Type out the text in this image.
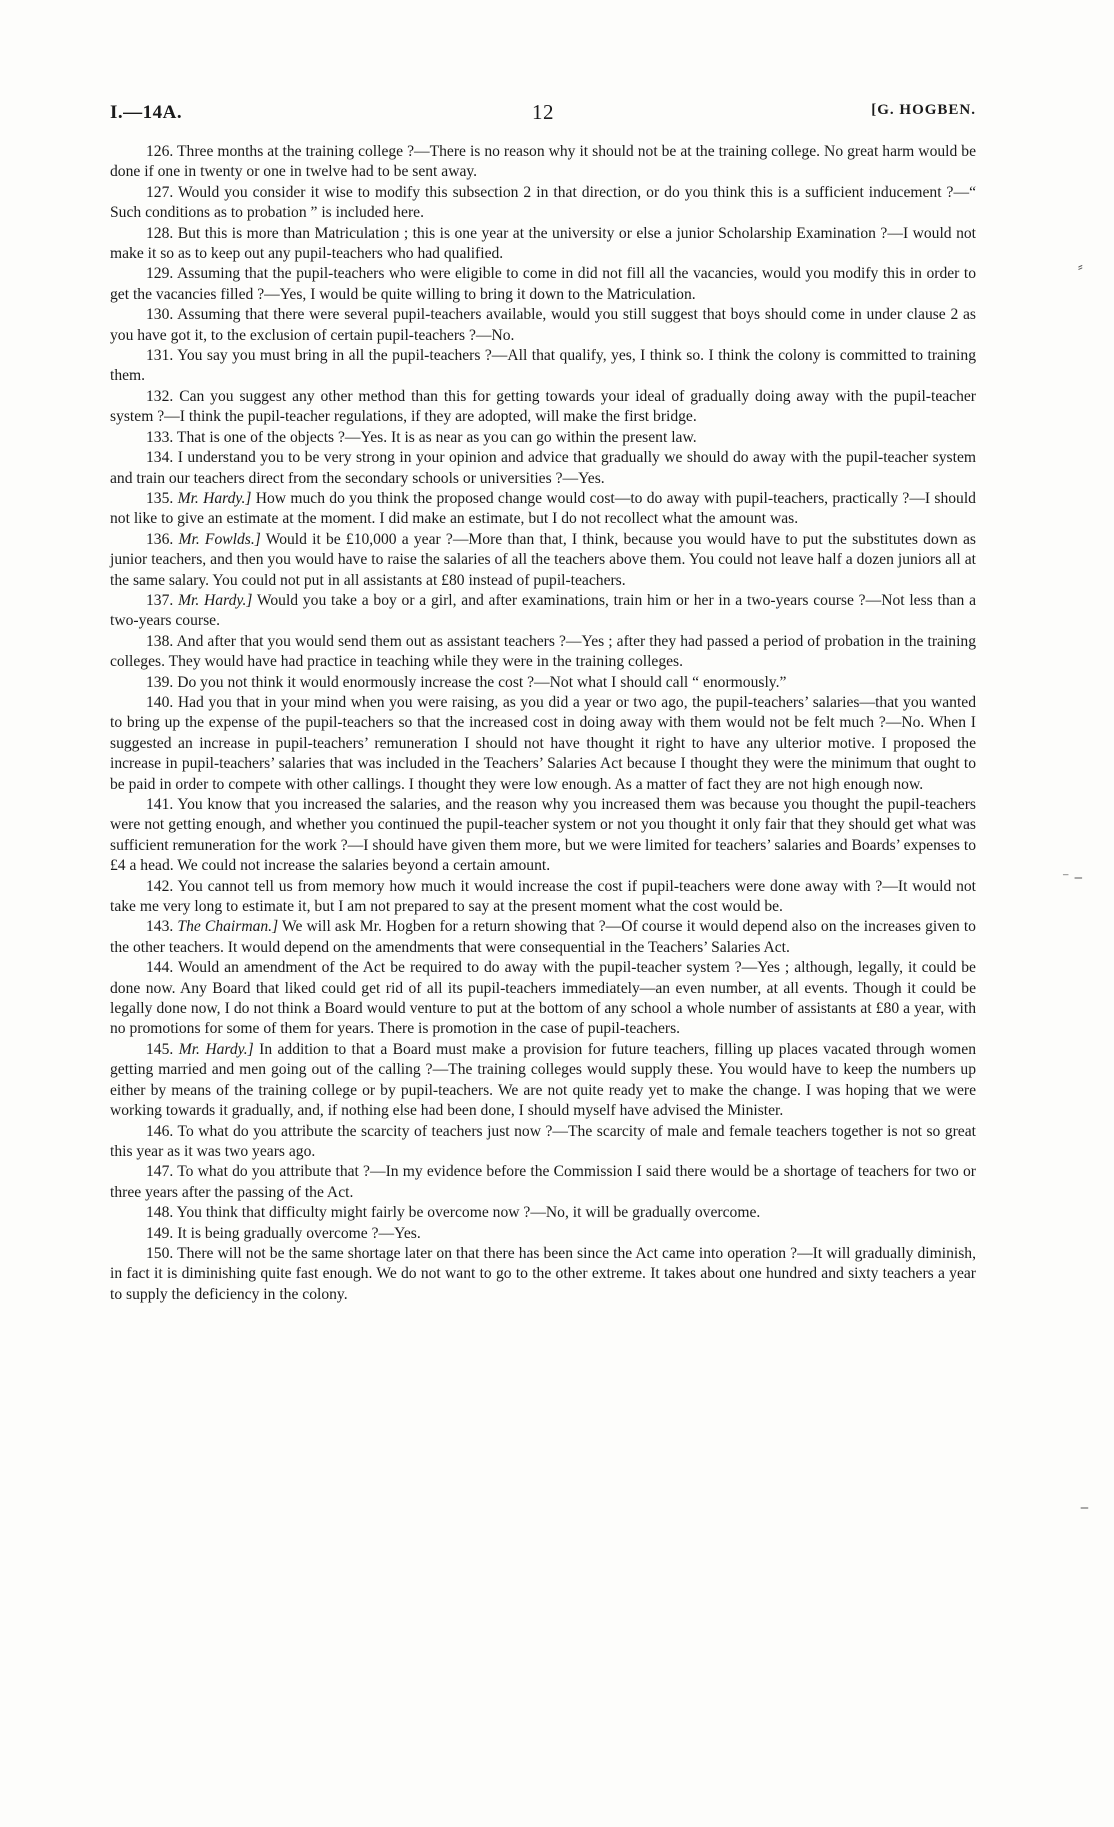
I.—14A.	12	[G. HOGBEN.

126. Three months at the training college ?—There is no reason why it should not be at the training college. No great harm would be done if one in twenty or one in twelve had to be sent away.

127. Would you consider it wise to modify this subsection 2 in that direction, or do you think this is a sufficient inducement ?—“ Such conditions as to probation ” is included here.

128. But this is more than Matriculation ; this is one year at the university or else a junior Scholarship Examination ?—I would not make it so as to keep out any pupil-teachers who had qualified.

129. Assuming that the pupil-teachers who were eligible to come in did not fill all the vacancies, would you modify this in order to get the vacancies filled ?—Yes, I would be quite willing to bring it down to the Matriculation.

130. Assuming that there were several pupil-teachers available, would you still suggest that boys should come in under clause 2 as you have got it, to the exclusion of certain pupil-teachers ?—No.

131. You say you must bring in all the pupil-teachers ?—All that qualify, yes, I think so. I think the colony is committed to training them.

132. Can you suggest any other method than this for getting towards your ideal of gradually doing away with the pupil-teacher system ?—I think the pupil-teacher regulations, if they are adopted, will make the first bridge.

133. That is one of the objects ?—Yes. It is as near as you can go within the present law.

134. I understand you to be very strong in your opinion and advice that gradually we should do away with the pupil-teacher system and train our teachers direct from the secondary schools or universities ?—Yes.

135. Mr. Hardy.] How much do you think the proposed change would cost—to do away with pupil-teachers, practically ?—I should not like to give an estimate at the moment. I did make an estimate, but I do not recollect what the amount was.

136. Mr. Fowlds.] Would it be £10,000 a year ?—More than that, I think, because you would have to put the substitutes down as junior teachers, and then you would have to raise the salaries of all the teachers above them. You could not leave half a dozen juniors all at the same salary. You could not put in all assistants at £80 instead of pupil-teachers.

137. Mr. Hardy.] Would you take a boy or a girl, and after examinations, train him or her in a two-years course ?—Not less than a two-years course.

138. And after that you would send them out as assistant teachers ?—Yes ; after they had passed a period of probation in the training colleges. They would have had practice in teaching while they were in the training colleges.

139. Do you not think it would enormously increase the cost ?—Not what I should call “ enormously.”

140. Had you that in your mind when you were raising, as you did a year or two ago, the pupil-teachers’ salaries—that you wanted to bring up the expense of the pupil-teachers so that the increased cost in doing away with them would not be felt much ?—No. When I suggested an increase in pupil-teachers’ remuneration I should not have thought it right to have any ulterior motive. I proposed the increase in pupil-teachers’ salaries that was included in the Teachers’ Salaries Act because I thought they were the minimum that ought to be paid in order to compete with other callings. I thought they were low enough. As a matter of fact they are not high enough now.

141. You know that you increased the salaries, and the reason why you increased them was because you thought the pupil-teachers were not getting enough, and whether you continued the pupil-teacher system or not you thought it only fair that they should get what was sufficient remuneration for the work ?—I should have given them more, but we were limited for teachers’ salaries and Boards’ expenses to £4 a head. We could not increase the salaries beyond a certain amount.

142. You cannot tell us from memory how much it would increase the cost if pupil-teachers were done away with ?—It would not take me very long to estimate it, but I am not prepared to say at the present moment what the cost would be.

143. The Chairman.] We will ask Mr. Hogben for a return showing that ?—Of course it would depend also on the increases given to the other teachers. It would depend on the amendments that were consequential in the Teachers’ Salaries Act.

144. Would an amendment of the Act be required to do away with the pupil-teacher system ?—Yes ; although, legally, it could be done now. Any Board that liked could get rid of all its pupil-teachers immediately—an even number, at all events. Though it could be legally done now, I do not think a Board would venture to put at the bottom of any school a whole number of assistants at £80 a year, with no promotions for some of them for years. There is promotion in the case of pupil-teachers.

145. Mr. Hardy.] In addition to that a Board must make a provision for future teachers, filling up places vacated through women getting married and men going out of the calling ?—The training colleges would supply these. You would have to keep the numbers up either by means of the training college or by pupil-teachers. We are not quite ready yet to make the change. I was hoping that we were working towards it gradually, and, if nothing else had been done, I should myself have advised the Minister.

146. To what do you attribute the scarcity of teachers just now ?—The scarcity of male and female teachers together is not so great this year as it was two years ago.

147. To what do you attribute that ?—In my evidence before the Commission I said there would be a shortage of teachers for two or three years after the passing of the Act.

148. You think that difficulty might fairly be overcome now ?—No, it will be gradually overcome.

149. It is being gradually overcome ?—Yes.

150. There will not be the same shortage later on that there has been since the Act came into operation ?—It will gradually diminish, in fact it is diminishing quite fast enough. We do not want to go to the other extreme. It takes about one hundred and sixty teachers a year to supply the deficiency in the colony.

⸗
⁻ ‒
‒
